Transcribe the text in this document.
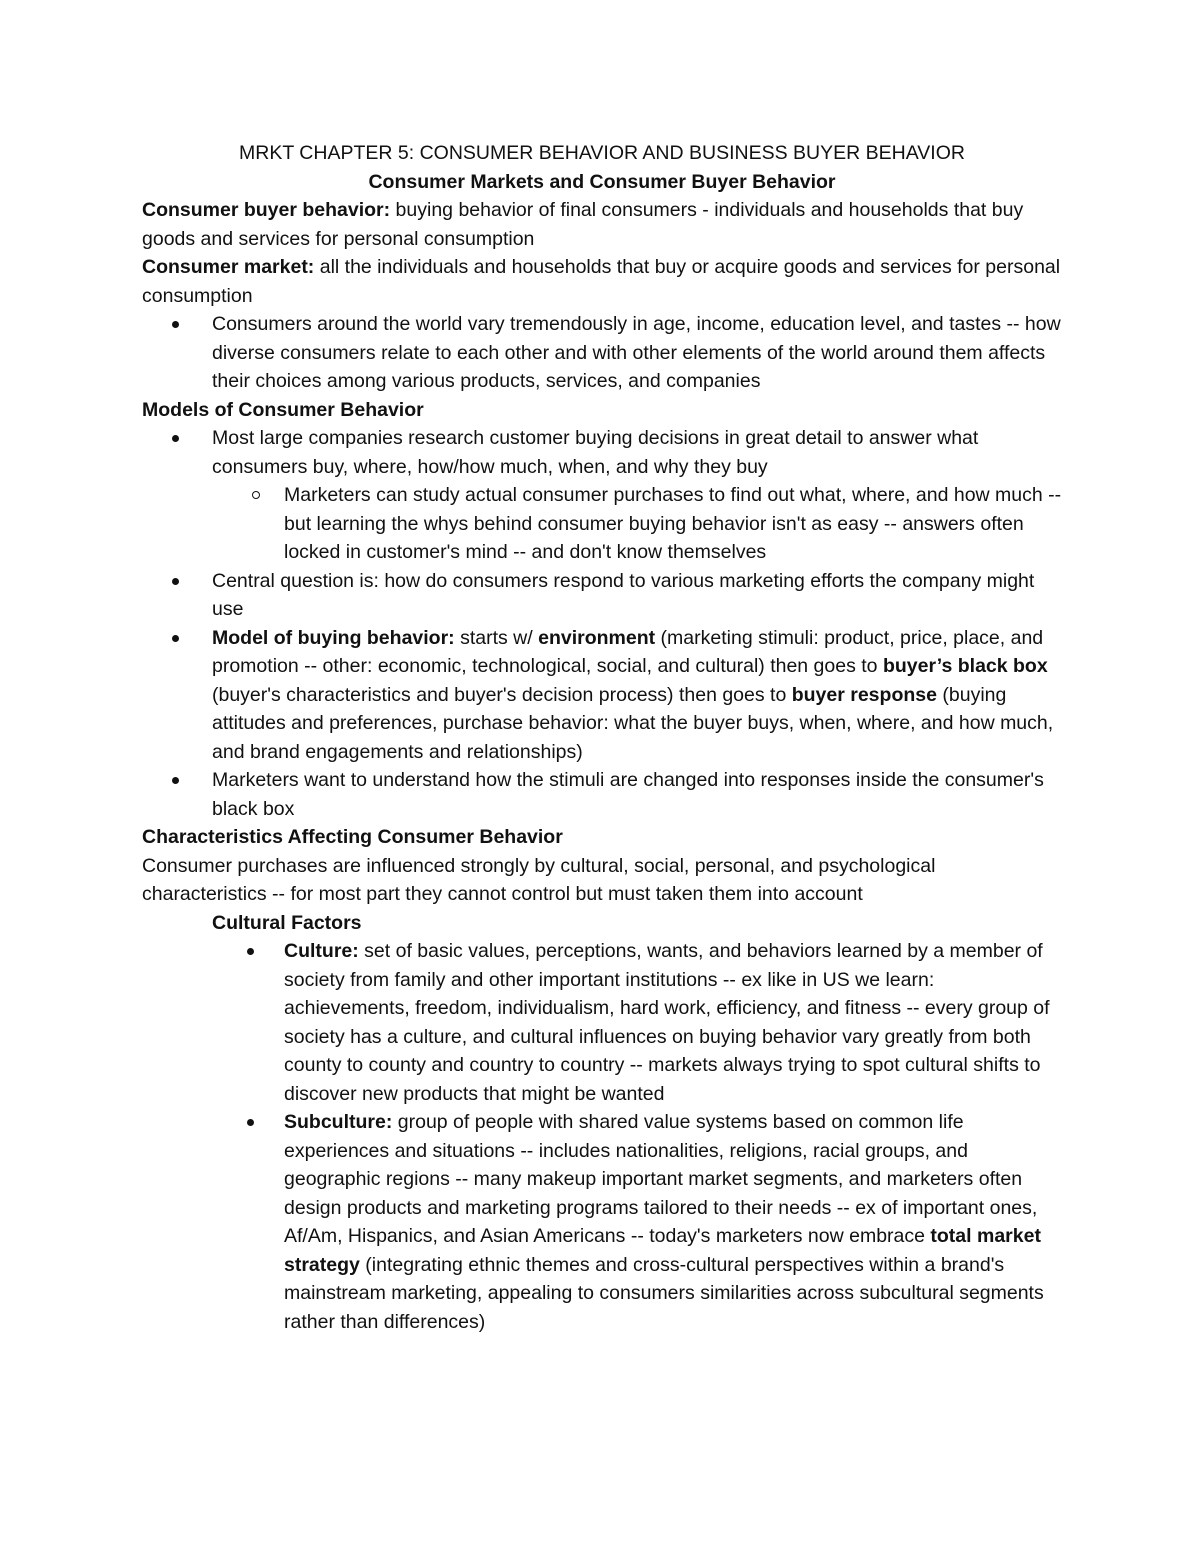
MRKT CHAPTER 5: CONSUMER BEHAVIOR AND BUSINESS BUYER BEHAVIOR

Consumer Markets and Consumer Buyer Behavior

Consumer buyer behavior: buying behavior of final consumers - individuals and households that buy goods and services for personal consumption

Consumer market: all the individuals and households that buy or acquire goods and services for personal consumption

Consumers around the world vary tremendously in age, income, education level, and tastes -- how diverse consumers relate to each other and with other elements of the world around them affects their choices among various products, services, and companies

Models of Consumer Behavior

Most large companies research customer buying decisions in great detail to answer what consumers buy, where, how/how much, when, and why they buy
Marketers can study actual consumer purchases to find out what, where, and how much -- but learning the whys behind consumer buying behavior isn't as easy -- answers often locked in customer's mind -- and don't know themselves
Central question is: how do consumers respond to various marketing efforts the company might use
Model of buying behavior: starts w/ environment (marketing stimuli: product, price, place, and promotion -- other: economic, technological, social, and cultural) then goes to buyer’s black box (buyer's characteristics and buyer's decision process) then goes to buyer response (buying attitudes and preferences, purchase behavior: what the buyer buys, when, where, and how much, and brand engagements and relationships)
Marketers want to understand how the stimuli are changed into responses inside the consumer's black box

Characteristics Affecting Consumer Behavior

Consumer purchases are influenced strongly by cultural, social, personal, and psychological characteristics -- for most part they cannot control but must taken them into account

Cultural Factors

Culture: set of basic values, perceptions, wants, and behaviors learned by a member of society from family and other important institutions -- ex like in US we learn: achievements, freedom, individualism, hard work, efficiency, and fitness -- every group of society has a culture, and cultural influences on buying behavior vary greatly from both county to county and country to country -- markets always trying to spot cultural shifts to discover new products that might be wanted
Subculture: group of people with shared value systems based on common life experiences and situations -- includes nationalities, religions, racial groups, and geographic regions -- many makeup important market segments, and marketers often design products and marketing programs tailored to their needs -- ex of important ones, Af/Am, Hispanics, and Asian Americans -- today's marketers now embrace total market strategy (integrating ethnic themes and cross-cultural perspectives within a brand's mainstream marketing, appealing to consumers similarities across subcultural segments rather than differences)
